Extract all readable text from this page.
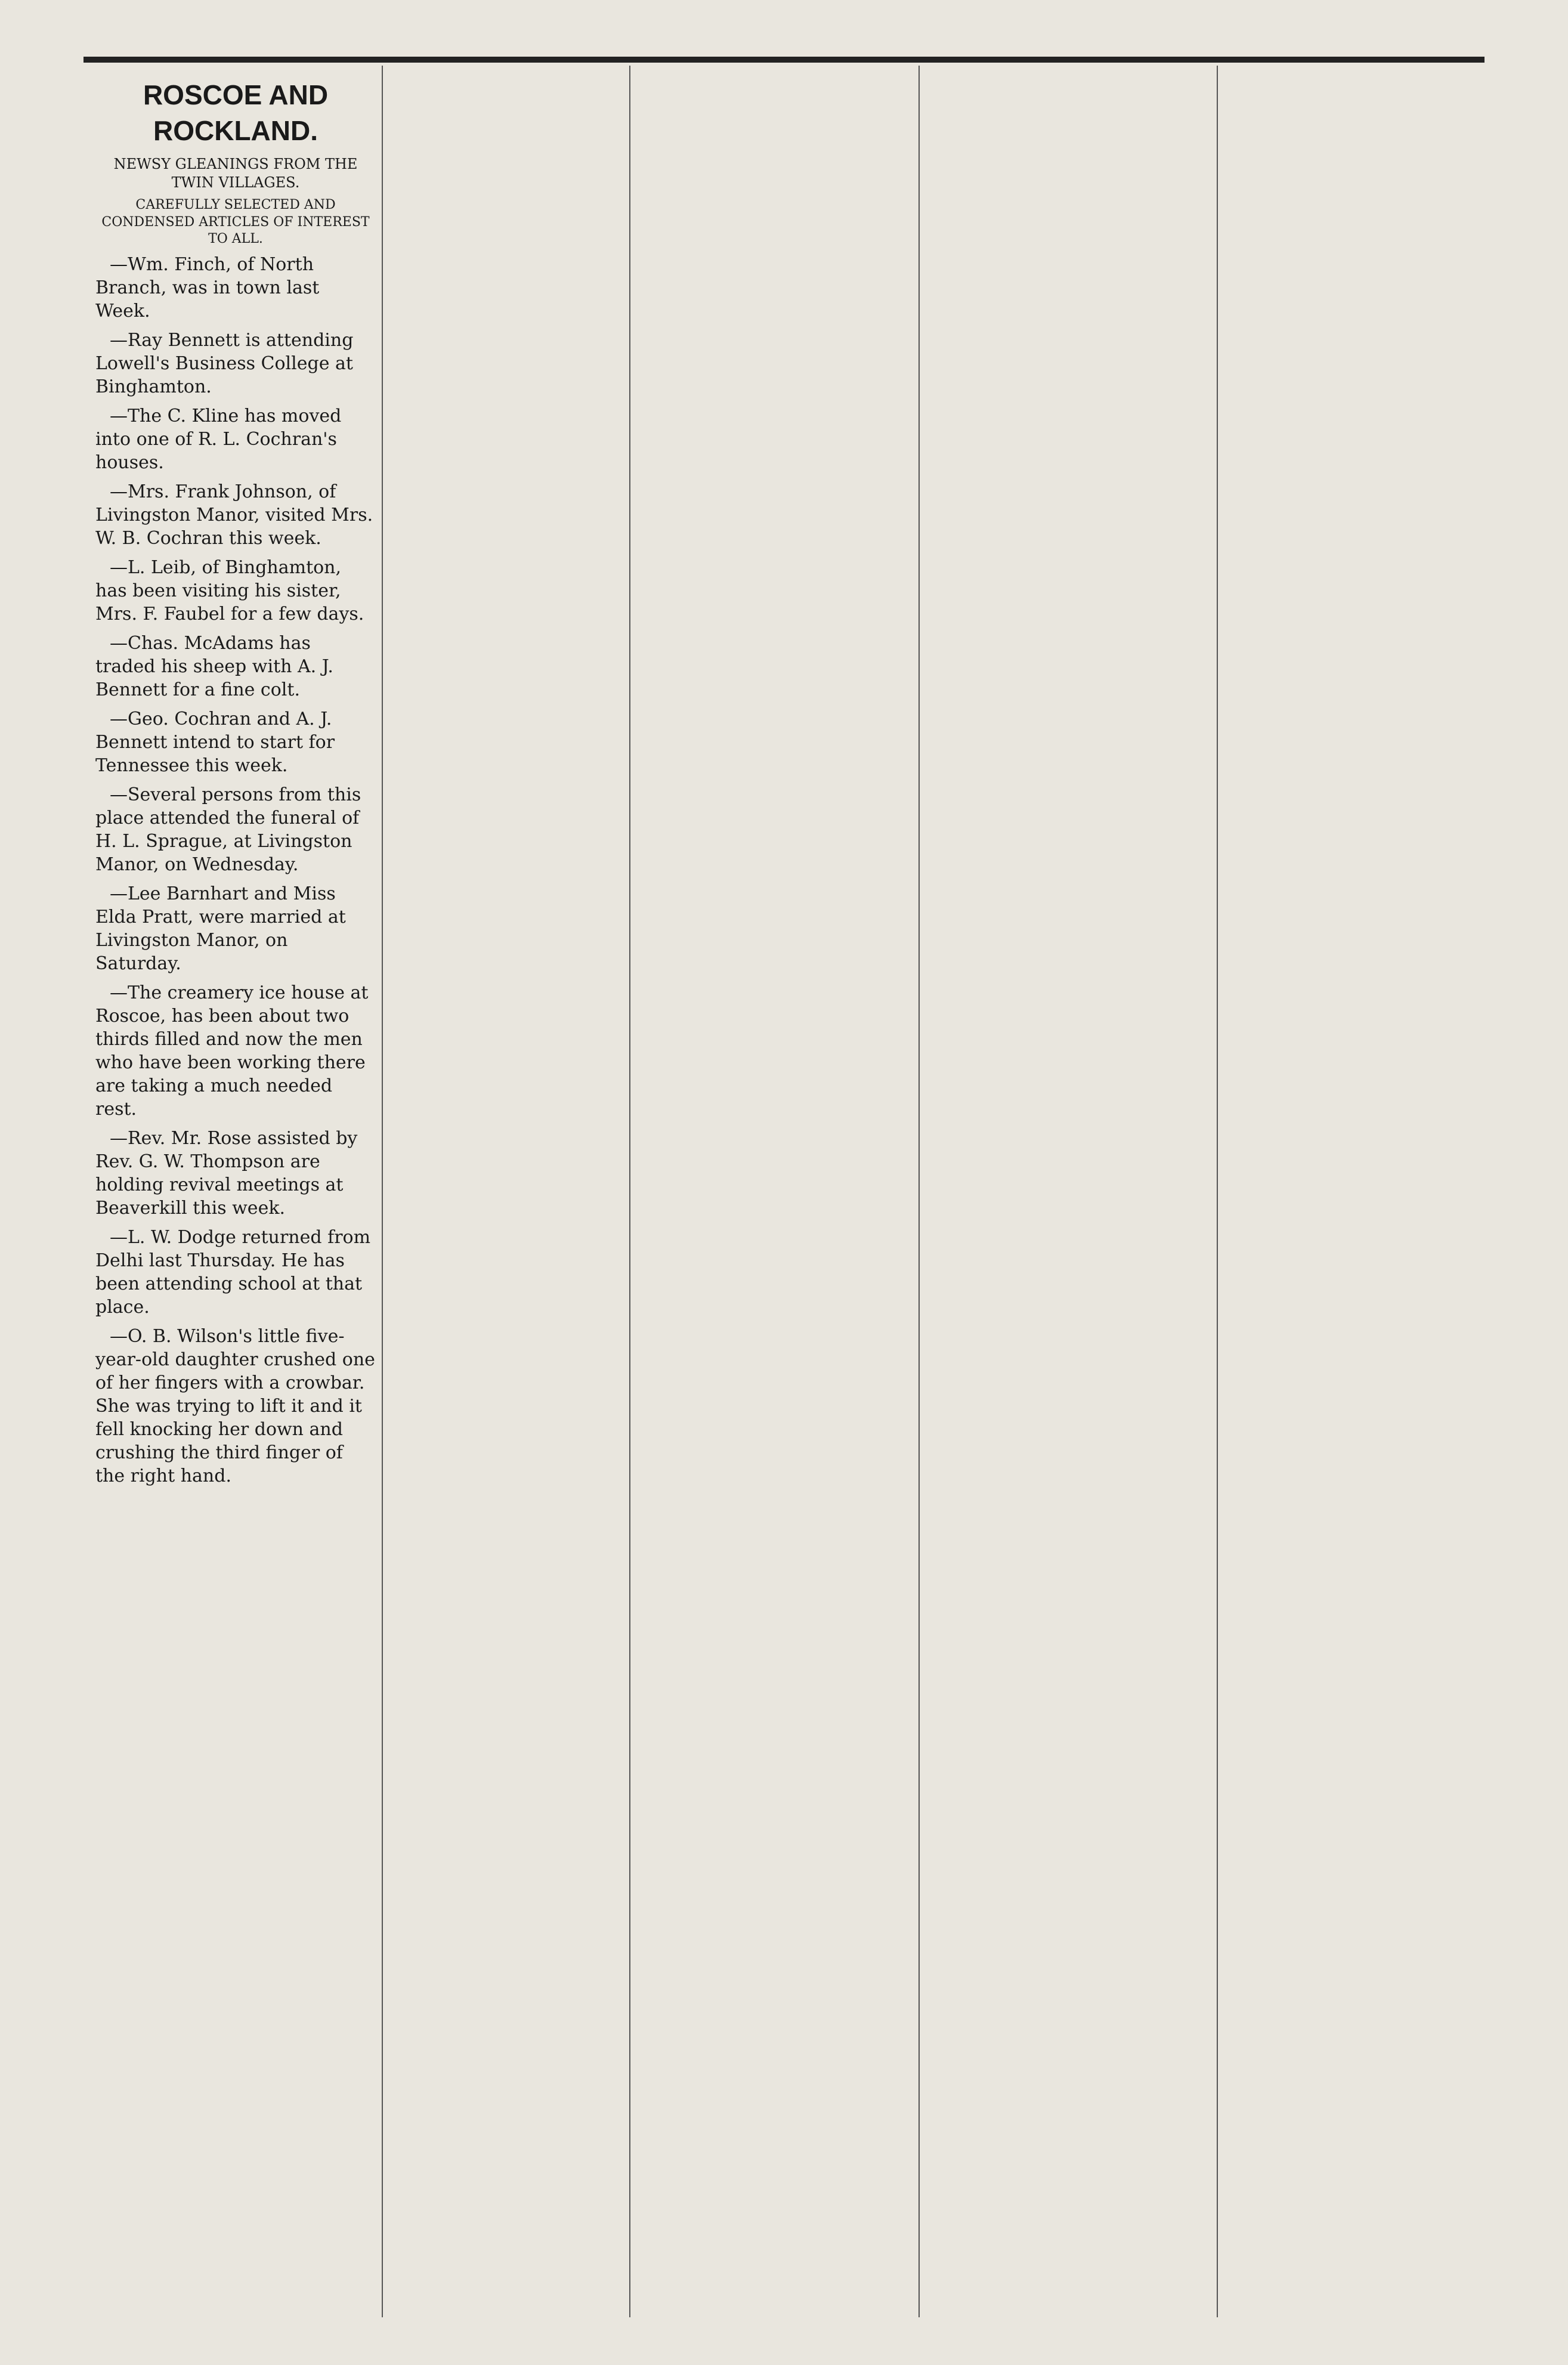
ROSCOE AND ROCKLAND.
NEWSY GLEANINGS FROM THE TWIN VILLAGES.
CAREFULLY SELECTED AND CONDENSED ARTICLES OF INTEREST TO ALL.

—Wm. Finch, of North Branch, was in town last Week.

—Ray Bennett is attending Lowell's Business College at Binghamton.

—The C. Kline has moved into one of R. L. Cochran's houses.

—Mrs. Frank Johnson, of Livingston Manor, visited Mrs. W. B. Cochran this week.

—L. Leib, of Binghamton, has been visiting his sister, Mrs. F. Faubel for a few days.

—Chas. McAdams has traded his sheep with A. J. Bennett for a fine colt.

—Geo. Cochran and A. J. Bennett intend to start for Tennessee this week.

—Several persons from this place attended the funeral of H. L. Sprague, at Livingston Manor, on Wednesday.

—Lee Barnhart and Miss Elda Pratt, were married at Livingston Manor, on Saturday.

—The creamery ice house at Roscoe, has been about two thirds filled and now the men who have been working there are taking a much needed rest.

—Rev. Mr. Rose assisted by Rev. G. W. Thompson are holding revival meetings at Beaverkill this week.

—L. W. Dodge returned from Delhi last Thursday. He has been attending school at that place.

—O. B. Wilson's little five-year-old daughter crushed one of her fingers with a crowbar. She was trying to lift it and it fell knocking her down and crushing the third finger of the right hand.
